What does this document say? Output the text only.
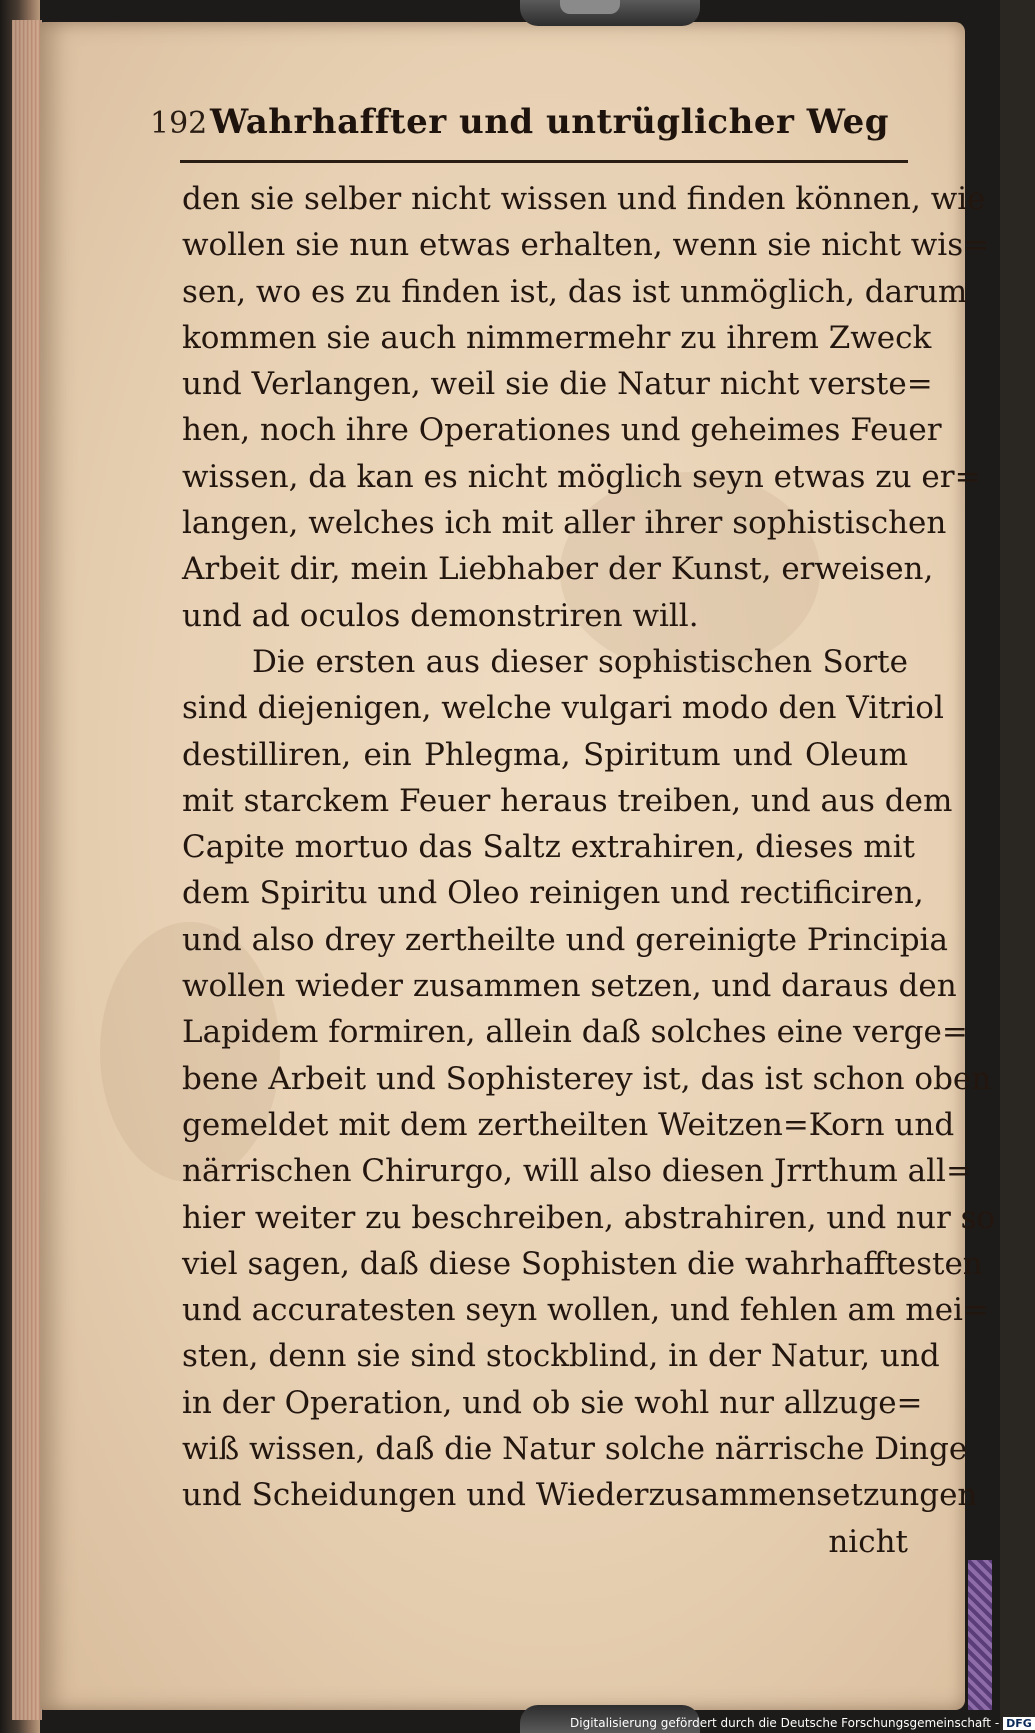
192 Wahrhaffter und untrüglicher Weg
den sie selber nicht wissen und finden können, wie
wollen sie nun etwas erhalten, wenn sie nicht wis=
sen, wo es zu finden ist, das ist unmöglich, darum
kommen sie auch nimmermehr zu ihrem Zweck
und Verlangen, weil sie die Natur nicht verste=
hen, noch ihre Operationes und geheimes Feuer
wissen, da kan es nicht möglich seyn etwas zu er=
langen, welches ich mit aller ihrer sophistischen
Arbeit dir, mein Liebhaber der Kunst, erweisen,
und ad oculos demonstriren will.
Die ersten aus dieser sophistischen Sorte
sind diejenigen, welche vulgari modo den Vitriol
destilliren, ein Phlegma, Spiritum und Oleum
mit starckem Feuer heraus treiben, und aus dem
Capite mortuo das Saltz extrahiren, dieses mit
dem Spiritu und Oleo reinigen und rectificiren,
und also drey zertheilte und gereinigte Principia
wollen wieder zusammen setzen, und daraus den
Lapidem formiren, allein daß solches eine verge=
bene Arbeit und Sophisterey ist, das ist schon oben
gemeldet mit dem zertheilten Weitzen=Korn und
närrischen Chirurgo, will also diesen Jrrthum all=
hier weiter zu beschreiben, abstrahiren, und nur so
viel sagen, daß diese Sophisten die wahrhafftesten
und accuratesten seyn wollen, und fehlen am mei=
sten, denn sie sind stockblind, in der Natur, und
in der Operation, und ob sie wohl nur allzuge=
wiß wissen, daß die Natur solche närrische Dinge
und Scheidungen und Wiederzusammensetzungen
nicht
Digitalisierung gefördert durch die Deutsche Forschungsgemeinschaft - DFG
